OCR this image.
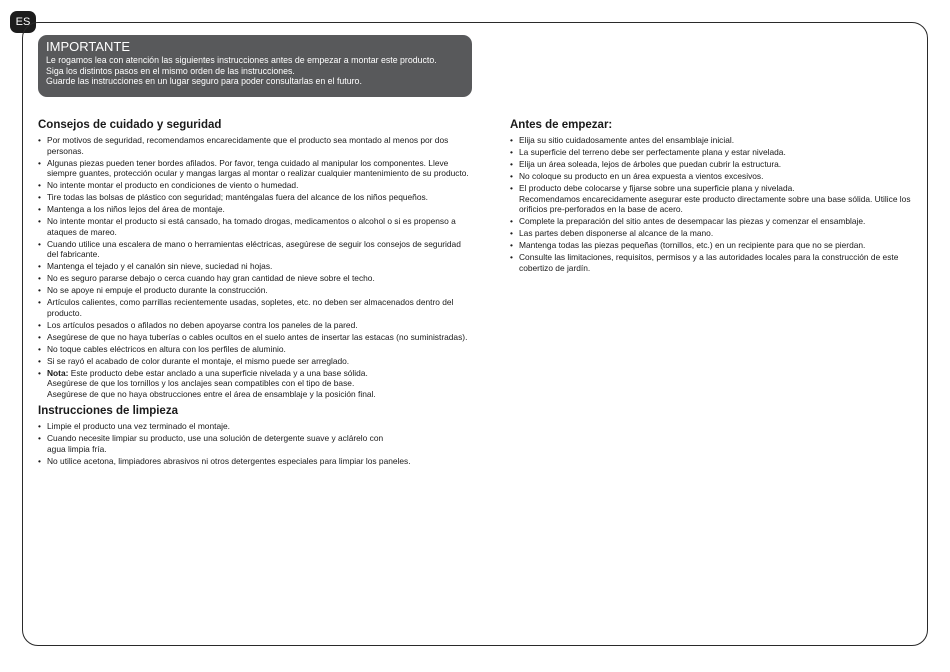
ES
IMPORTANTE
Le rogamos lea con atención las siguientes instrucciones antes de empezar a montar este producto.
Siga los distintos pasos en el mismo orden de las instrucciones.
Guarde las instrucciones en un lugar seguro para poder consultarlas en el futuro.
Consejos de cuidado y seguridad
• Por motivos de seguridad, recomendamos encarecidamente que el producto sea montado al menos por dos personas.
• Algunas piezas pueden tener bordes afilados. Por favor, tenga cuidado al manipular los componentes. Lleve siempre guantes, protección ocular y mangas largas al montar o realizar cualquier mantenimiento de su producto.
• No intente montar el producto en condiciones de viento o humedad.
• Tire todas las bolsas de plástico con seguridad; manténgalas fuera del alcance de los niños pequeños.
• Mantenga a los niños lejos del área de montaje.
• No intente montar el producto si está cansado, ha tomado drogas, medicamentos o alcohol o si es propenso a ataques de mareo.
• Cuando utilice una escalera de mano o herramientas eléctricas, asegúrese de seguir los consejos de seguridad
del fabricante.
• Mantenga el tejado y el canalón sin nieve, suciedad ni hojas.
• No es seguro pararse debajo o cerca cuando hay gran cantidad de nieve sobre el techo.
• No se apoye ni empuje el producto durante la construcción.
• Artículos calientes, como parrillas recientemente usadas, sopletes, etc. no deben ser almacenados dentro del producto.
• Los artículos pesados o afilados no deben apoyarse contra los paneles de la pared.
• Asegúrese de que no haya tuberías o cables ocultos en el suelo antes de insertar las estacas (no suministradas).
• No toque cables eléctricos en altura con los perfiles de aluminio.
• Si se rayó el acabado de color durante el montaje, el mismo puede ser arreglado.
• Nota: Este producto debe estar anclado a una superficie nivelada y a una base sólida.
Asegúrese de que los tornillos y los anclajes sean compatibles con el tipo de base.
Asegúrese de que no haya obstrucciones entre el área de ensamblaje y la posición final.
Instrucciones de limpieza
• Limpie el producto una vez terminado el montaje.
• Cuando necesite limpiar su producto, use una solución de detergente suave y aclárelo con
agua limpia fría.
• No utilice acetona, limpiadores abrasivos ni otros detergentes especiales para limpiar los paneles.
Antes de empezar:
• Elija su sitio cuidadosamente antes del ensamblaje inicial.
• La superficie del terreno debe ser perfectamente plana y estar nivelada.
• Elija un área soleada, lejos de árboles que puedan cubrir la estructura.
• No coloque su producto en un área expuesta a vientos excesivos.
• El producto debe colocarse y fijarse sobre una superficie plana y nivelada.
Recomendamos encarecidamente asegurar este producto directamente sobre una base sólida. Utilice los orificios pre-perforados en la base de acero.
• Complete la preparación del sitio antes de desempacar las piezas y comenzar el ensamblaje.
• Las partes deben disponerse al alcance de la mano.
• Mantenga todas las piezas pequeñas (tornillos, etc.) en un recipiente para que no se pierdan.
• Consulte las limitaciones, requisitos, permisos y a las autoridades locales para la construcción de este cobertizo de jardín.
